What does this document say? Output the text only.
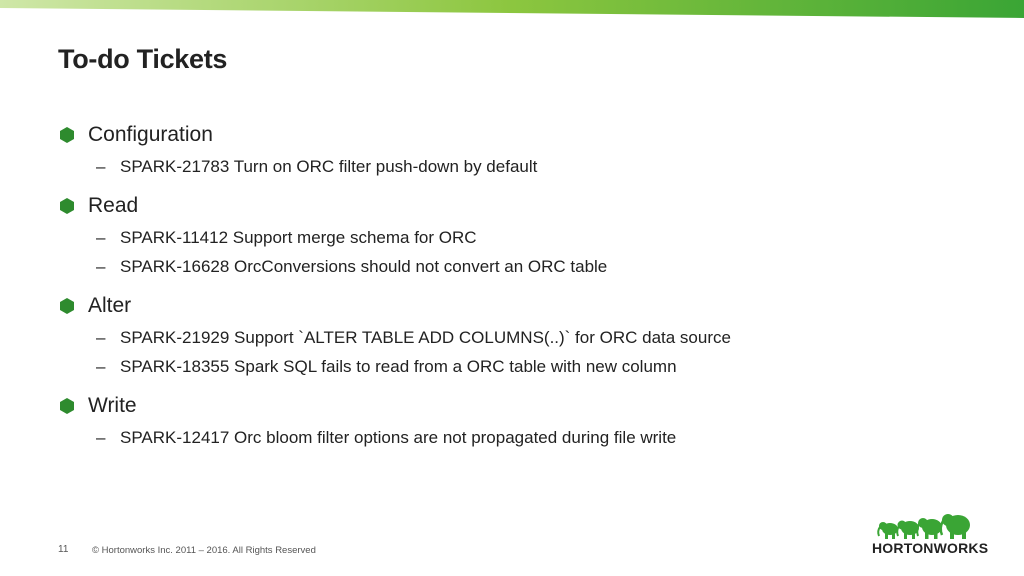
To-do Tickets
Configuration
– SPARK-21783 Turn on ORC filter push-down by default
Read
– SPARK-11412 Support merge schema for ORC
– SPARK-16628 OrcConversions should not convert an ORC table
Alter
– SPARK-21929 Support `ALTER TABLE ADD COLUMNS(..)` for ORC data source
– SPARK-18355 Spark SQL fails to read from a ORC table with new column
Write
– SPARK-12417 Orc bloom filter options are not propagated during file write
11 © Hortonworks Inc. 2011 – 2016. All Rights Reserved	HORTONWORKS
